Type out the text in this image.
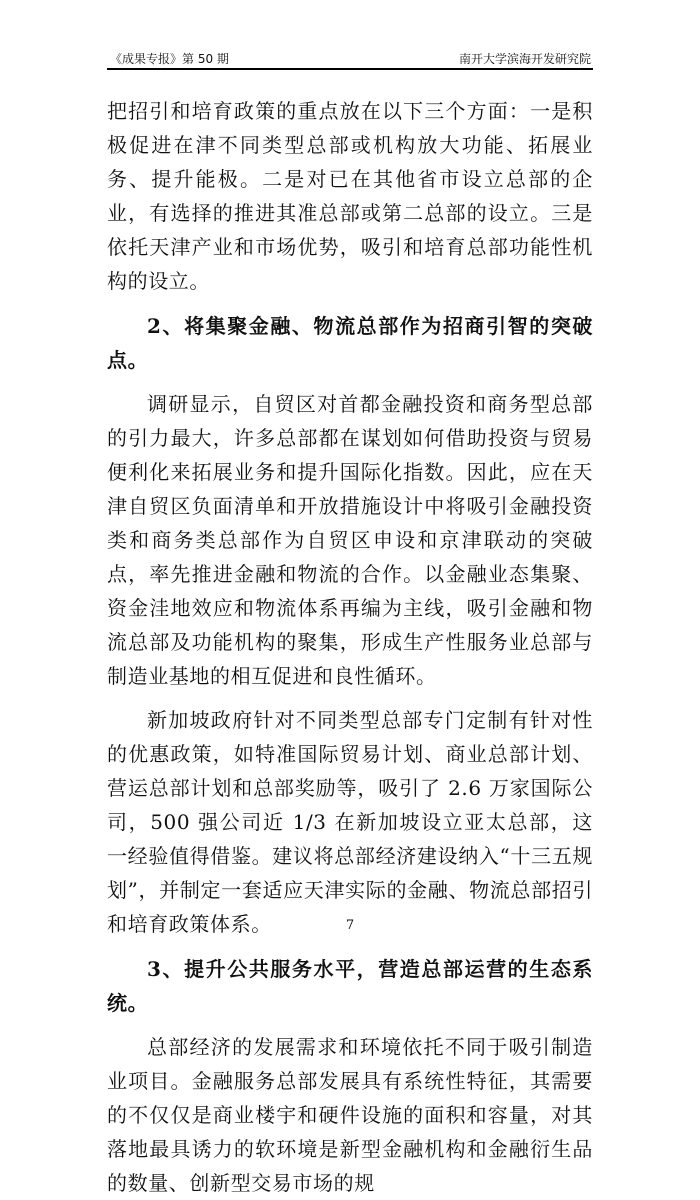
《成果专报》第 50 期	南开大学滨海开发研究院

把招引和培育政策的重点放在以下三个方面：一是积极促进在津不同类型总部或机构放大功能、拓展业务、提升能极。二是对已在其他省市设立总部的企业，有选择的推进其准总部或第二总部的设立。三是依托天津产业和市场优势，吸引和培育总部功能性机构的设立。

2、将集聚金融、物流总部作为招商引智的突破点。

调研显示，自贸区对首都金融投资和商务型总部的引力最大，许多总部都在谋划如何借助投资与贸易便利化来拓展业务和提升国际化指数。因此，应在天津自贸区负面清单和开放措施设计中将吸引金融投资类和商务类总部作为自贸区申设和京津联动的突破点，率先推进金融和物流的合作。以金融业态集聚、资金洼地效应和物流体系再编为主线，吸引金融和物流总部及功能机构的聚集，形成生产性服务业总部与制造业基地的相互促进和良性循环。

新加坡政府针对不同类型总部专门定制有针对性的优惠政策，如特准国际贸易计划、商业总部计划、营运总部计划和总部奖励等，吸引了 2.6 万家国际公司，500 强公司近 1/3 在新加坡设立亚太总部，这一经验值得借鉴。建议将总部经济建设纳入“十三五规划”，并制定一套适应天津实际的金融、物流总部招引和培育政策体系。

3、提升公共服务水平，营造总部运营的生态系统。

总部经济的发展需求和环境依托不同于吸引制造业项目。金融服务总部发展具有系统性特征，其需要的不仅仅是商业楼宇和硬件设施的面积和容量，对其落地最具诱力的软环境是新型金融机构和金融衍生品的数量、创新型交易市场的规

7
